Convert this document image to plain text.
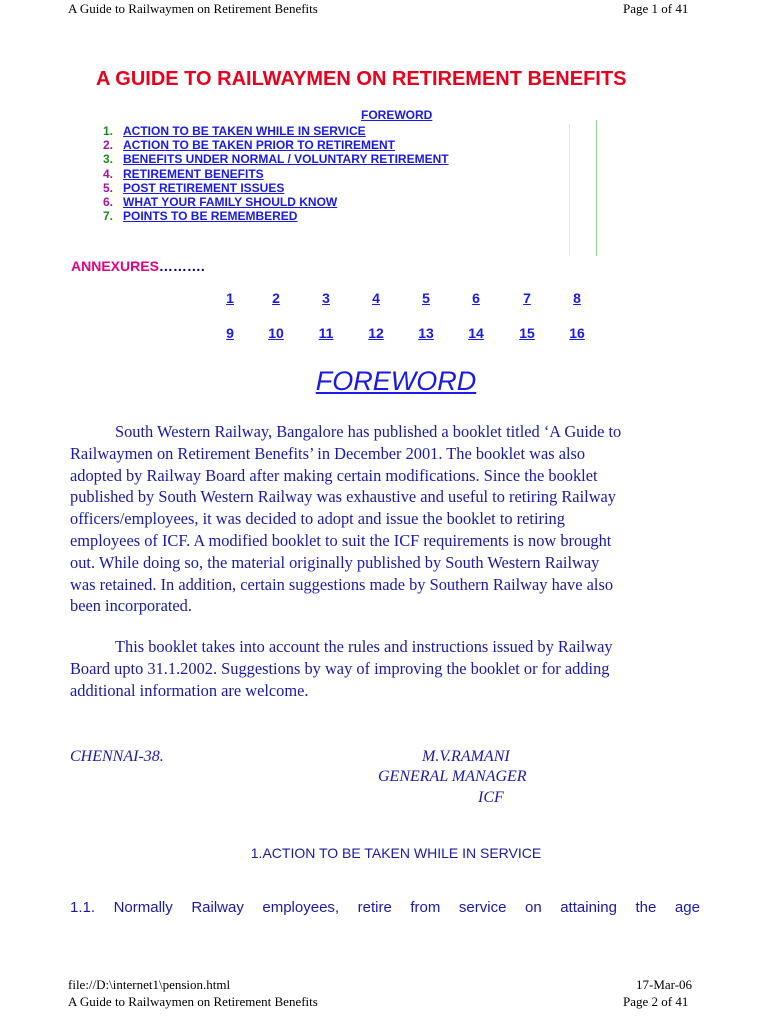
A Guide to Railwaymen on Retirement Benefits	Page 1 of 41
A GUIDE TO RAILWAYMEN ON RETIREMENT BENEFITS
FOREWORD
1. ACTION TO BE TAKEN WHILE IN SERVICE
2. ACTION TO BE TAKEN PRIOR TO RETIREMENT
3. BENEFITS UNDER NORMAL / VOLUNTARY RETIREMENT
4. RETIREMENT BENEFITS
5. POST RETIREMENT ISSUES
6. WHAT YOUR FAMILY SHOULD KNOW
7. POINTS TO BE REMEMBERED
ANNEXURES……….
1	2	3	4	5	6	7	8
9	10	11	12	13	14	15	16
FOREWORD
South Western Railway, Bangalore has published a booklet titled ‘A Guide to
Railwaymen on Retirement Benefits’ in December 2001. The booklet was also
adopted by Railway Board after making certain modifications. Since the booklet
published by South Western Railway was exhaustive and useful to retiring Railway
officers/employees, it was decided to adopt and issue the booklet to retiring
employees of ICF. A modified booklet to suit the ICF requirements is now brought
out. While doing so, the material originally published by South Western Railway
was retained. In addition, certain suggestions made by Southern Railway have also
been incorporated.
This booklet takes into account the rules and instructions issued by Railway
Board upto 31.1.2002. Suggestions by way of improving the booklet or for adding
additional information are welcome.
CHENNAI-38.	M.V.RAMANI
GENERAL MANAGER
ICF
1.ACTION TO BE TAKEN WHILE IN SERVICE
1.1. Normally Railway employees, retire from service on attaining the age
file://D:\internet1\pension.html	17-Mar-06
A Guide to Railwaymen on Retirement Benefits	Page 2 of 41
